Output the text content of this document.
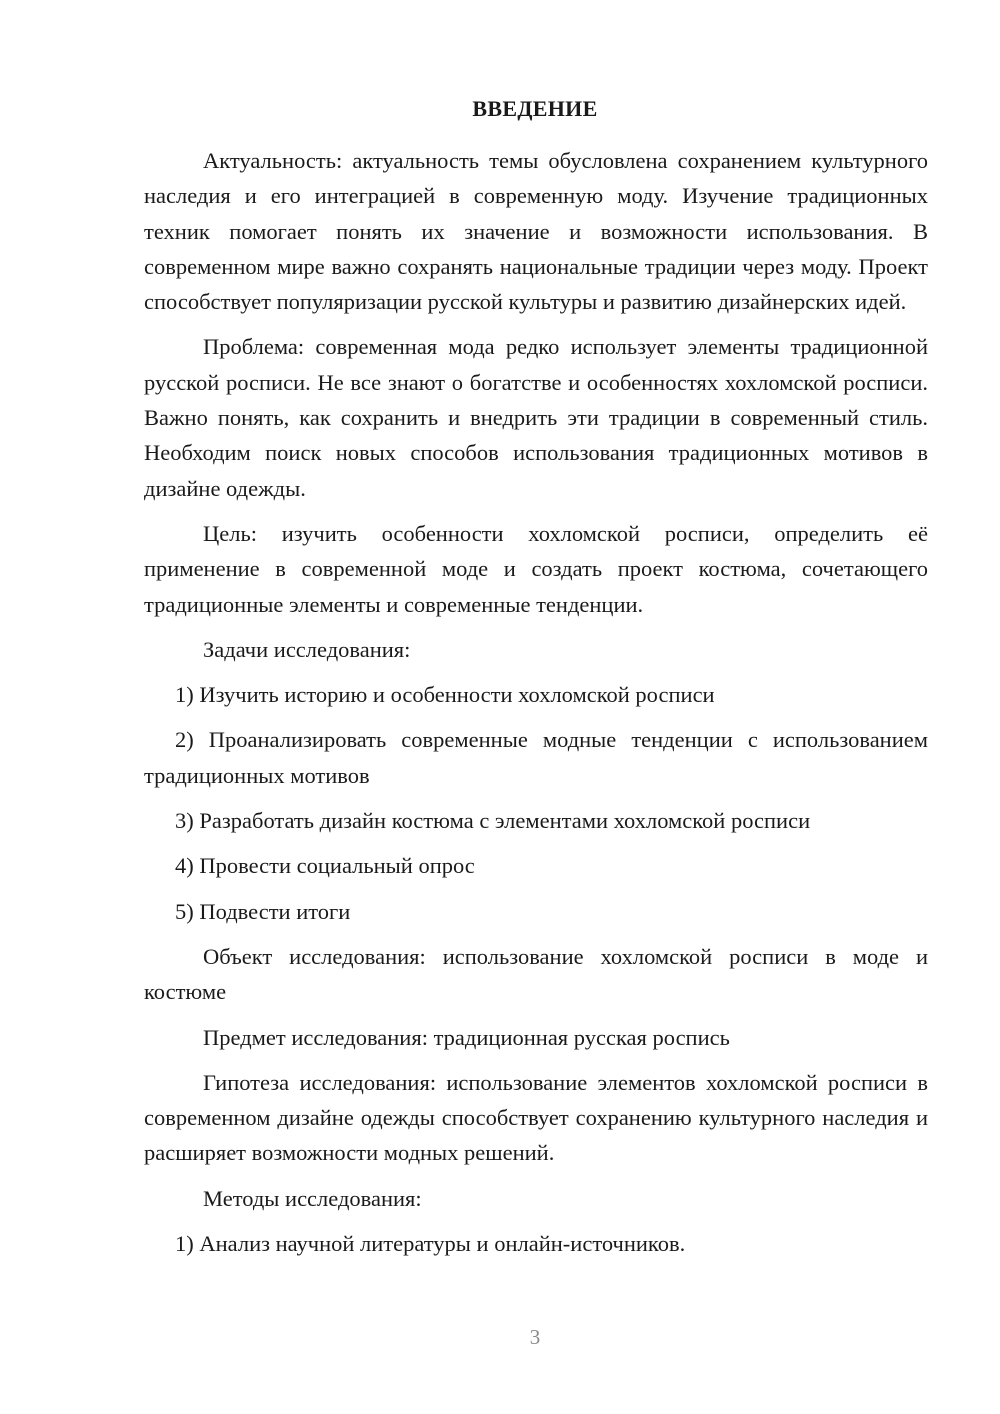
ВВЕДЕНИЕ

Актуальность: актуальность темы обусловлена сохранением культурного наследия и его интеграцией в современную моду. Изучение традиционных техник помогает понять их значение и возможности использования. В современном мире важно сохранять национальные традиции через моду. Проект способствует популяризации русской культуры и развитию дизайнерских идей.

Проблема: современная мода редко использует элементы традиционной русской росписи. Не все знают о богатстве и особенностях хохломской росписи. Важно понять, как сохранить и внедрить эти традиции в современный стиль. Необходим поиск новых способов использования традиционных мотивов в дизайне одежды.

Цель: изучить особенности хохломской росписи, определить её применение в современной моде и создать проект костюма, сочетающего традиционные элементы и современные тенденции.

Задачи исследования:

1) Изучить историю и особенности хохломской росписи

2) Проанализировать современные модные тенденции с использованием традиционных мотивов

3) Разработать дизайн костюма с элементами хохломской росписи

4) Провести социальный опрос

5) Подвести итоги

Объект исследования: использование хохломской росписи в моде и костюме

Предмет исследования: традиционная русская роспись

Гипотеза исследования: использование элементов хохломской росписи в современном дизайне одежды способствует сохранению культурного наследия и расширяет возможности модных решений.

Методы исследования:

1) Анализ научной литературы и онлайн-источников.

3
